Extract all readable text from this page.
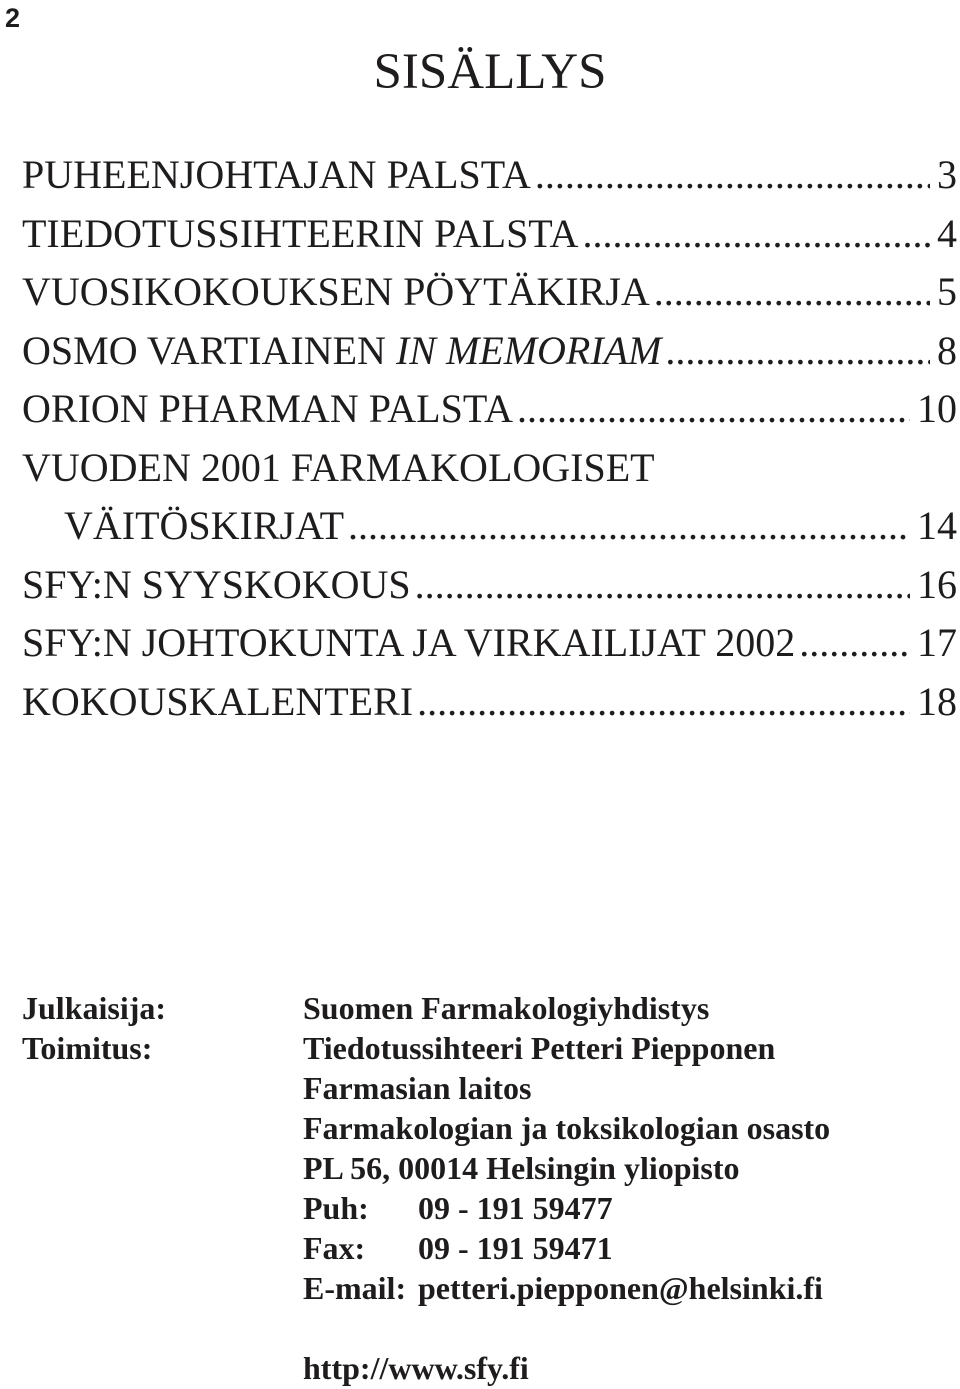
2
SISÄLLYS
PUHEENJOHTAJAN PALSTA .....	3
TIEDOTUSSIHTEERIN PALSTA .....	4
VUOSIKOKOUKSEN PÖYTÄKIRJA .....	5
OSMO VARTIAINEN IN MEMORIAM .....	8
ORION PHARMAN PALSTA .....	10
VUODEN 2001 FARMAKOLOGISET
VÄITÖSKIRJAT .....	14
SFY:N SYYSKOKOUS .....	16
SFY:N JOHTOKUNTA JA VIRKAILIJAT 2002 .....	17
KOKOUSKALENTERI .....	18
Julkaisija:	Suomen Farmakologiyhdistys
Toimitus:	Tiedotussihteeri Petteri Piepponen
Farmasian laitos
Farmakologian ja toksikologian osasto
PL 56, 00014 Helsingin yliopisto
Puh:	09 - 191 59477
Fax:	09 - 191 59471
E-mail: petteri.piepponen@helsinki.fi
http://www.sfy.fi
